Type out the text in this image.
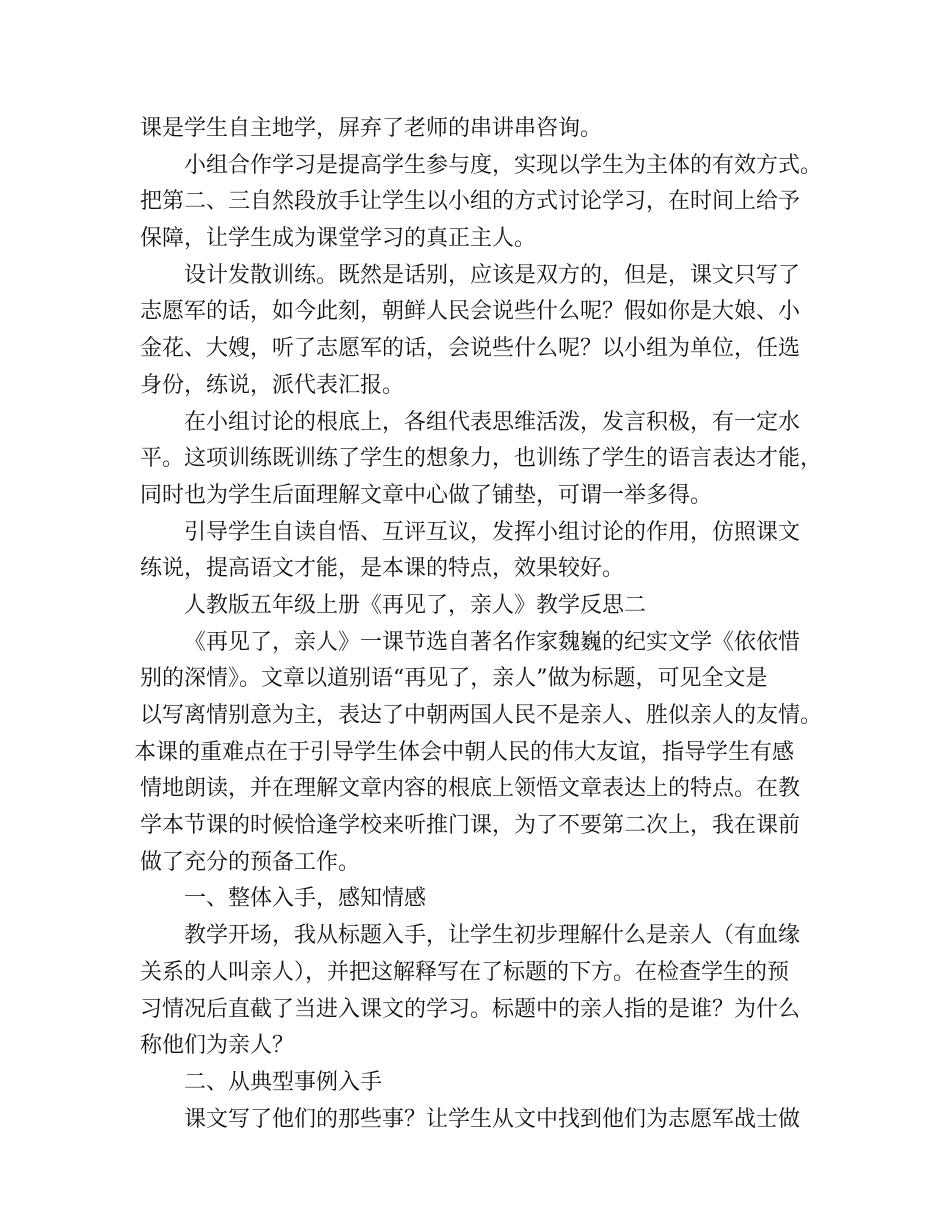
课是学生自主地学，屏弃了老师的串讲串咨询。
小组合作学习是提高学生参与度，实现以学生为主体的有效方式。
把第二、三自然段放手让学生以小组的方式讨论学习，在时间上给予
保障，让学生成为课堂学习的真正主人。
设计发散训练。既然是话别，应该是双方的，但是，课文只写了
志愿军的话，如今此刻，朝鲜人民会说些什么呢？假如你是大娘、小
金花、大嫂，听了志愿军的话，会说些什么呢？以小组为单位，任选
身份，练说，派代表汇报。
在小组讨论的根底上，各组代表思维活泼，发言积极，有一定水
平。这项训练既训练了学生的想象力，也训练了学生的语言表达才能，
同时也为学生后面理解文章中心做了铺垫，可谓一举多得。
引导学生自读自悟、互评互议，发挥小组讨论的作用，仿照课文
练说，提高语文才能，是本课的特点，效果较好。
人教版五年级上册《再见了，亲人》教学反思二
《再见了，亲人》一课节选自著名作家魏巍的纪实文学《依依惜
别的深情》。文章以道别语“再见了，亲人”做为标题，可见全文是
以写离情别意为主，表达了中朝两国人民不是亲人、胜似亲人的友情。
本课的重难点在于引导学生体会中朝人民的伟大友谊，指导学生有感
情地朗读，并在理解文章内容的根底上领悟文章表达上的特点。在教
学本节课的时候恰逢学校来听推门课，为了不要第二次上，我在课前
做了充分的预备工作。
一、整体入手，感知情感
教学开场，我从标题入手，让学生初步理解什么是亲人（有血缘
关系的人叫亲人），并把这解释写在了标题的下方。在检查学生的预
习情况后直截了当进入课文的学习。标题中的亲人指的是谁？为什么
称他们为亲人？
二、从典型事例入手
课文写了他们的那些事？让学生从文中找到他们为志愿军战士做
